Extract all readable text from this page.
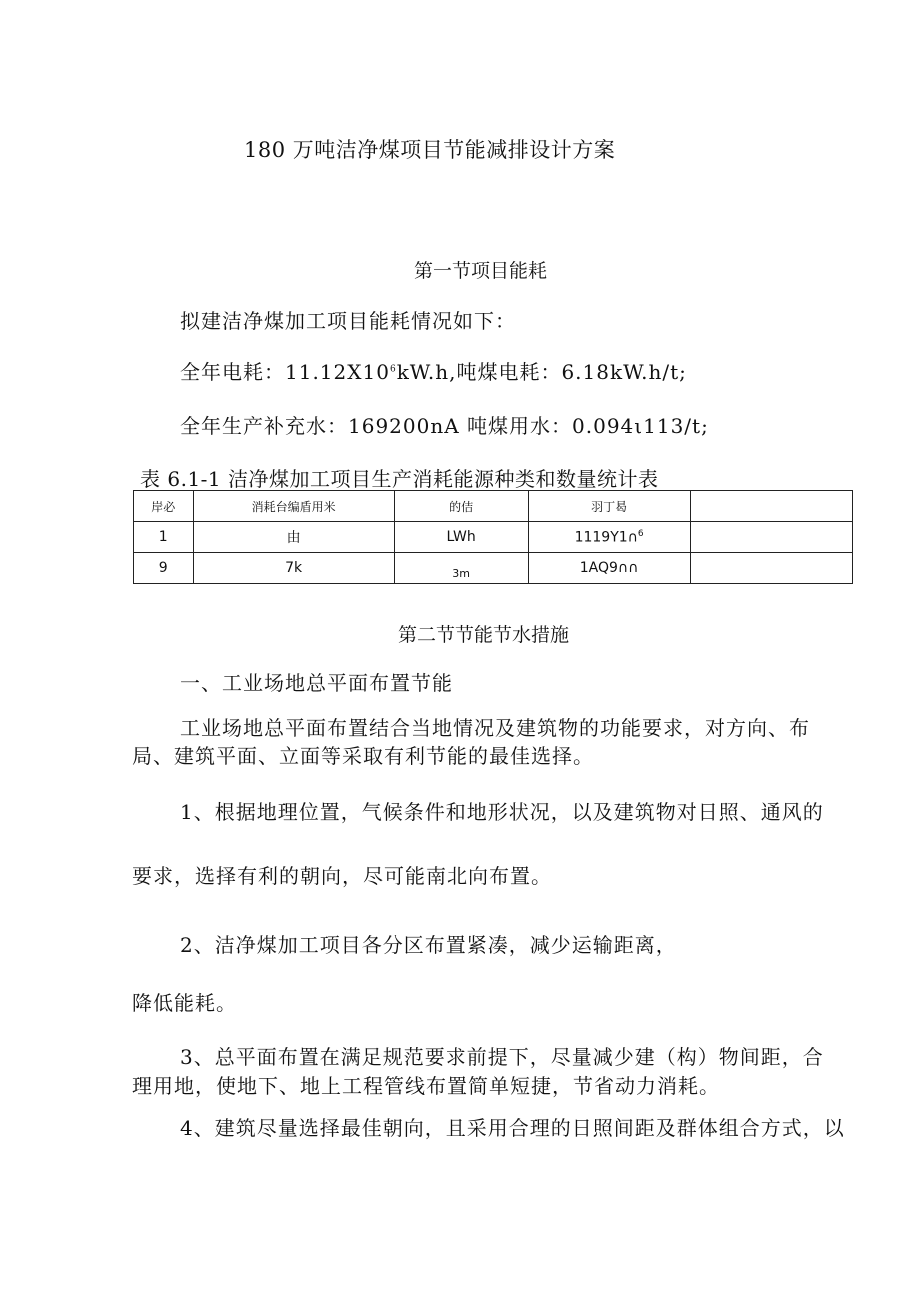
180 万吨洁净煤项目节能减排设计方案
第一节项目能耗
拟建洁净煤加工项目能耗情况如下：
全年电耗：$11.12X10^6kW.h$,吨煤电耗：6.18kW.h/t;
全年生产补充水：169200nA 吨煤用水：0.094ι113/t;
表 6.1-1 洁净煤加工项目生产消耗能源种类和数量统计表
岸必	消耗台编盾用米	的佶	羽丁曷	
1	由	LWh	1119Y1∩$^6$	
9	7k	$_{3m}$	1AQ9∩∩	
第二节节能节水措施
一、工业场地总平面布置节能
工业场地总平面布置结合当地情况及建筑物的功能要求，对方向、布
局、建筑平面、立面等采取有利节能的最佳选择。
1、根据地理位置，气候条件和地形状况，以及建筑物对日照、通风的
要求，选择有利的朝向，尽可能南北向布置。
2、洁净煤加工项目各分区布置紧凑，减少运输距离，
降低能耗。
3、总平面布置在满足规范要求前提下，尽量减少建（构）物间距，合
理用地，使地下、地上工程管线布置简单短捷，节省动力消耗。
4、建筑尽量选择最佳朝向，且采用合理的日照间距及群体组合方式，以
